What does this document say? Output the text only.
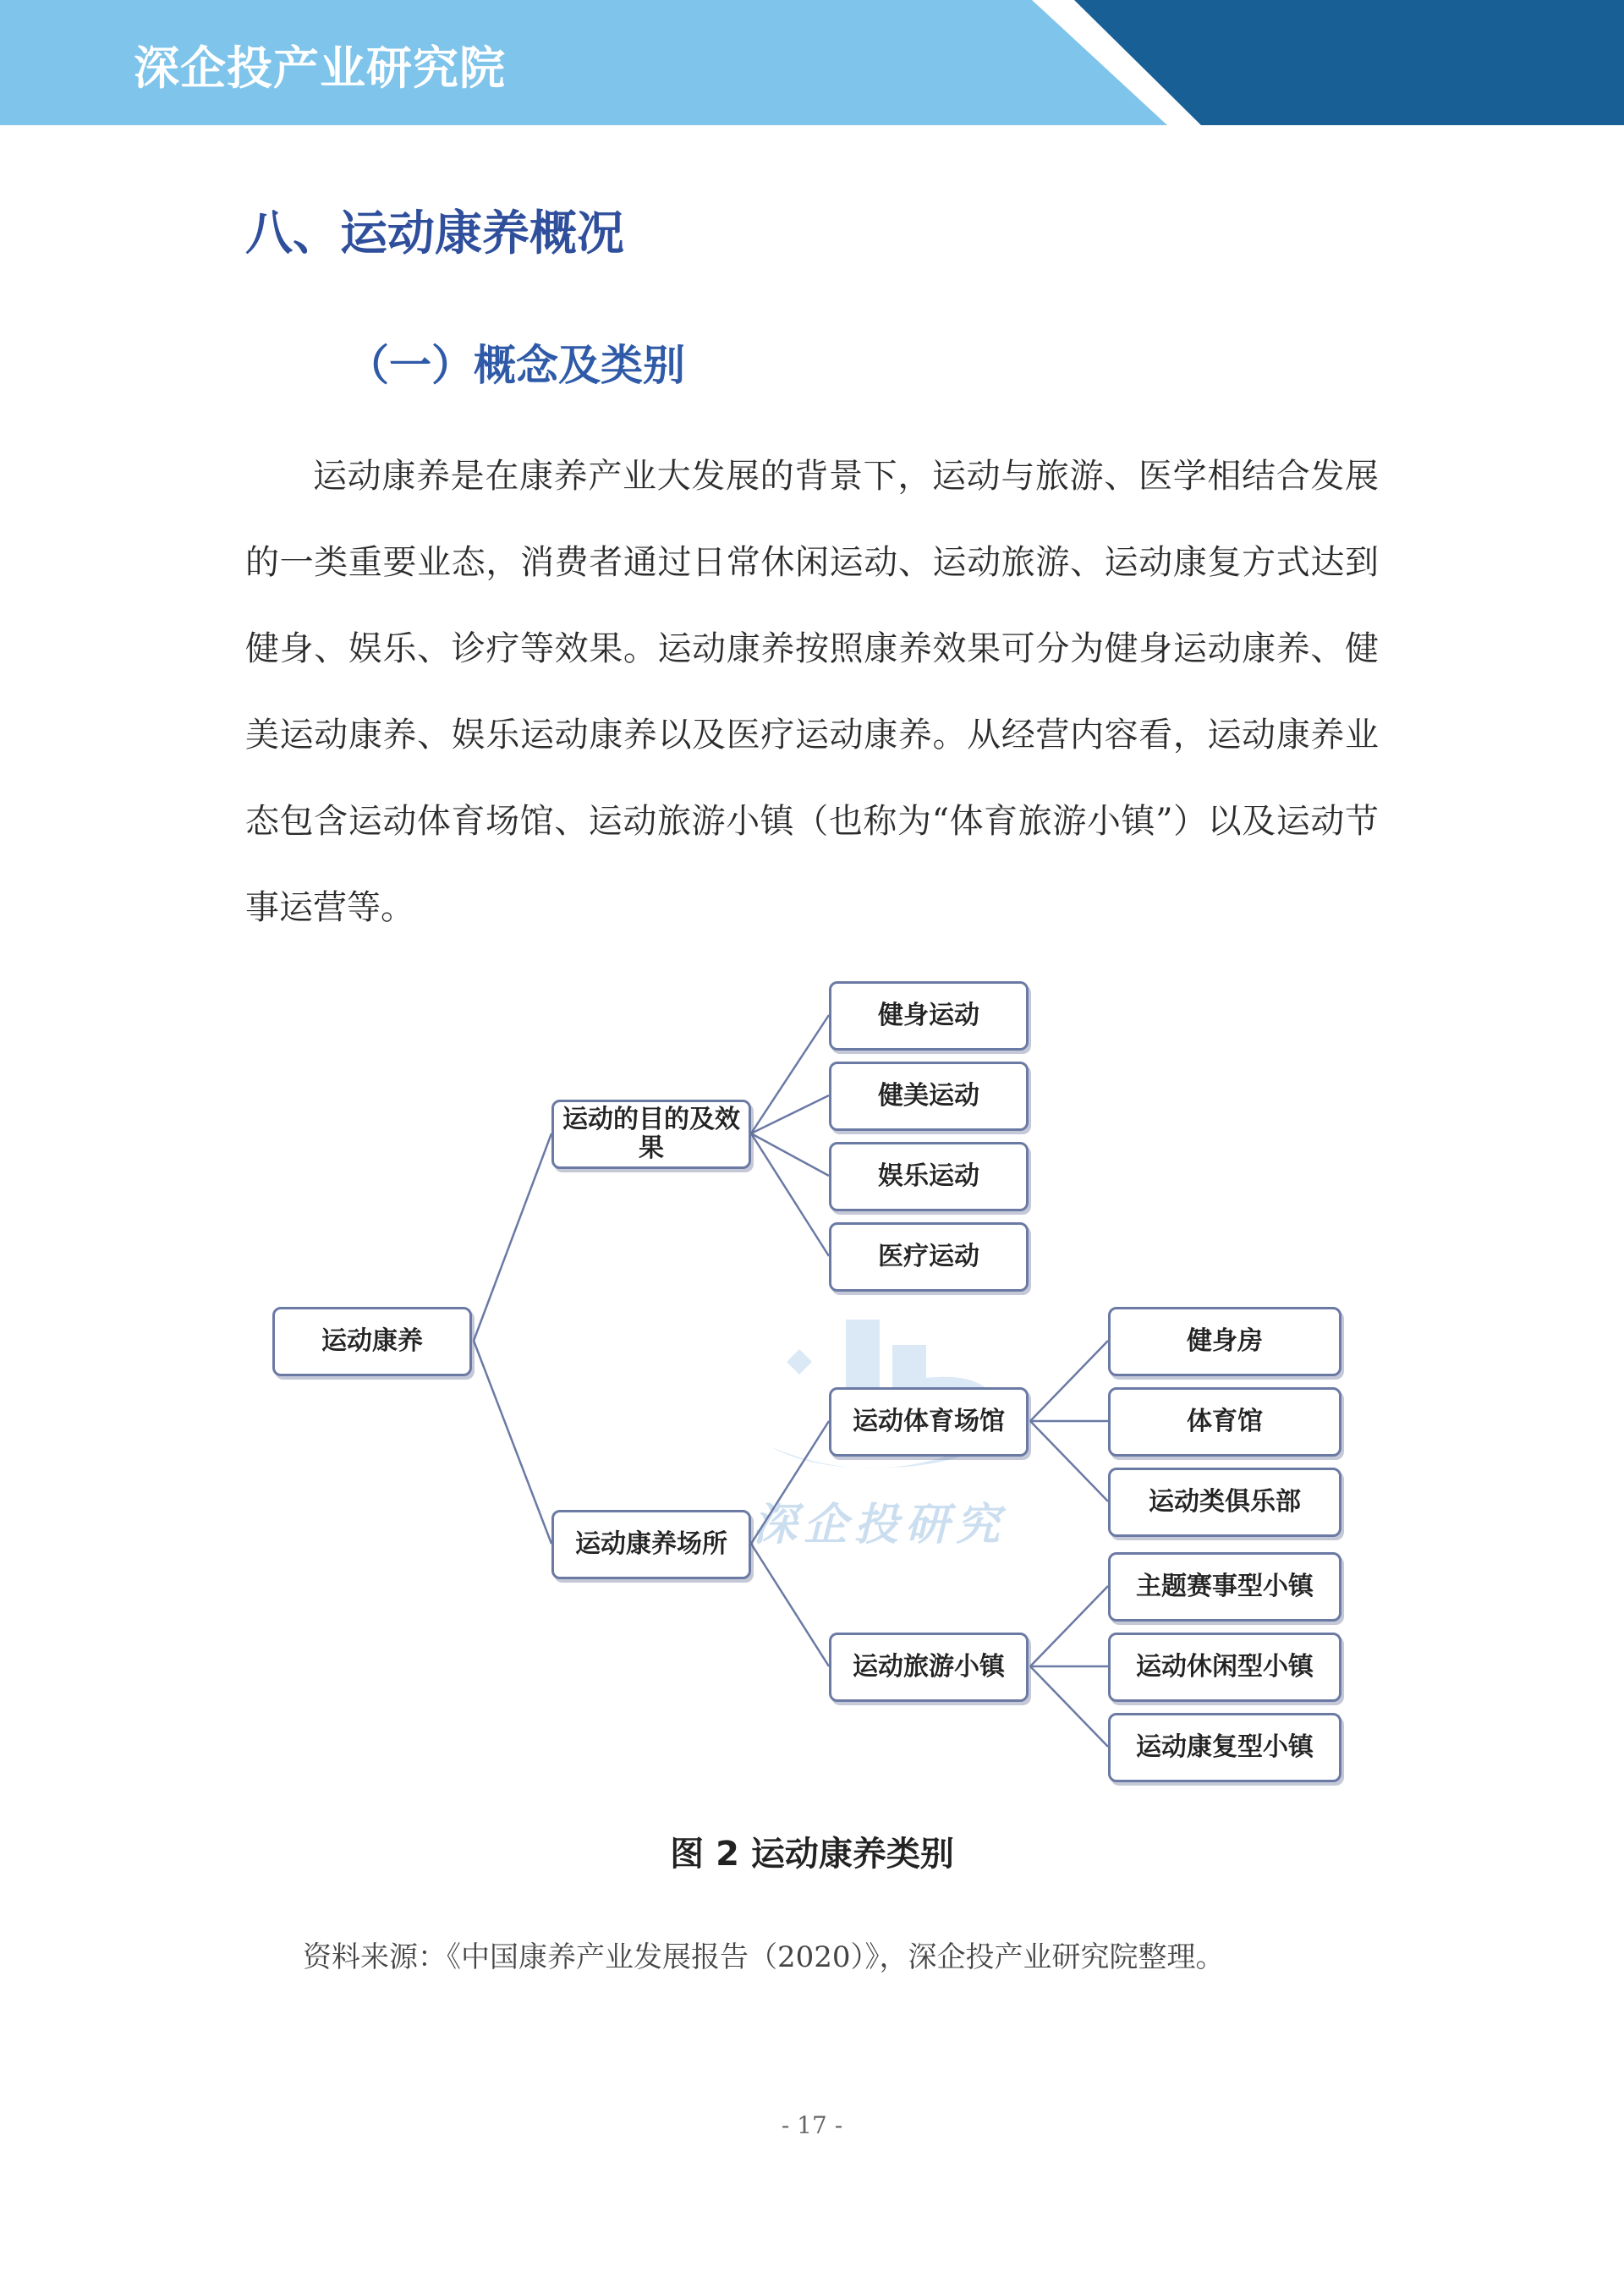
深企投产业研究院
八、运动康养概况
（一）概念及类别
运动康养是在康养产业大发展的背景下，运动与旅游、医学相结合发展的一类重要业态，消费者通过日常休闲运动、运动旅游、运动康复方式达到健身、娱乐、诊疗等效果。运动康养按照康养效果可分为健身运动康养、健美运动康养、娱乐运动康养以及医疗运动康养。从经营内容看，运动康养业态包含运动体育场馆、运动旅游小镇（也称为“体育旅游小镇”）以及运动节事运营等。
深企投研究
运动康养
运动的目的及效果
运动康养场所
健身运动
健美运动
娱乐运动
医疗运动
运动体育场馆
运动旅游小镇
健身房
体育馆
运动类俱乐部
主题赛事型小镇
运动休闲型小镇
运动康复型小镇
图 2 运动康养类别
资料来源：《中国康养产业发展报告（2020）》，深企投产业研究院整理。
- 17 -
